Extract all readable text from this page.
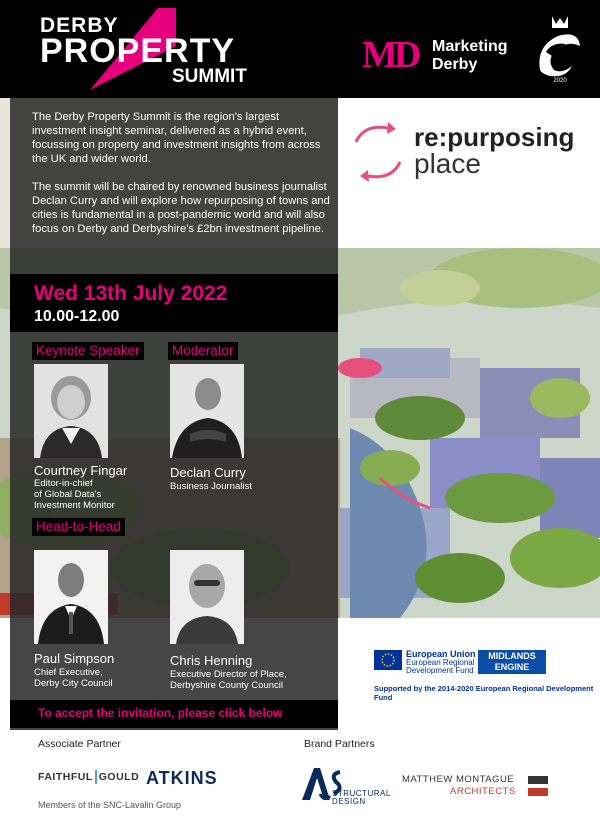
DERBY
PROPERTY
SUMMIT
MD Marketing
Derby
2020
re:purposing
place
European Union
European Regional
Development Fund
MIDLANDS
ENGINE
Supported by the 2014-2020 European Regional Development Fund

The Derby Property Summit is the region's largest investment insight seminar, delivered as a hybrid event, focussing on property and investment insights from across the UK and wider world.

The summit will be chaired by renowned business journalist Declan Curry and will explore how repurposing of towns and cities is fundamental in a post-pandemic world and will also focus on Derby and Derbyshire's £2bn investment pipeline.

Wed 13th July 2022
10.00-12.00
Keynote Speaker Moderator
Courtney Fingar
Editor-in-chief
of Global Data's
Investment Monitor
Declan Curry
Business Journalist
Head-to-Head
Paul Simpson
Chief Executive,
Derby City Council
Chris Henning
Executive Director of Place,
Derbyshire County Council
To accept the invitation, please click below
Associate Partner	Brand Partners
FAITHFUL GOULD ATKINS
Members of the SNC-Lavalin Group
STRUCTURAL
DESIGN
MATTHEW MONTAGUE
ARCHITECTS
